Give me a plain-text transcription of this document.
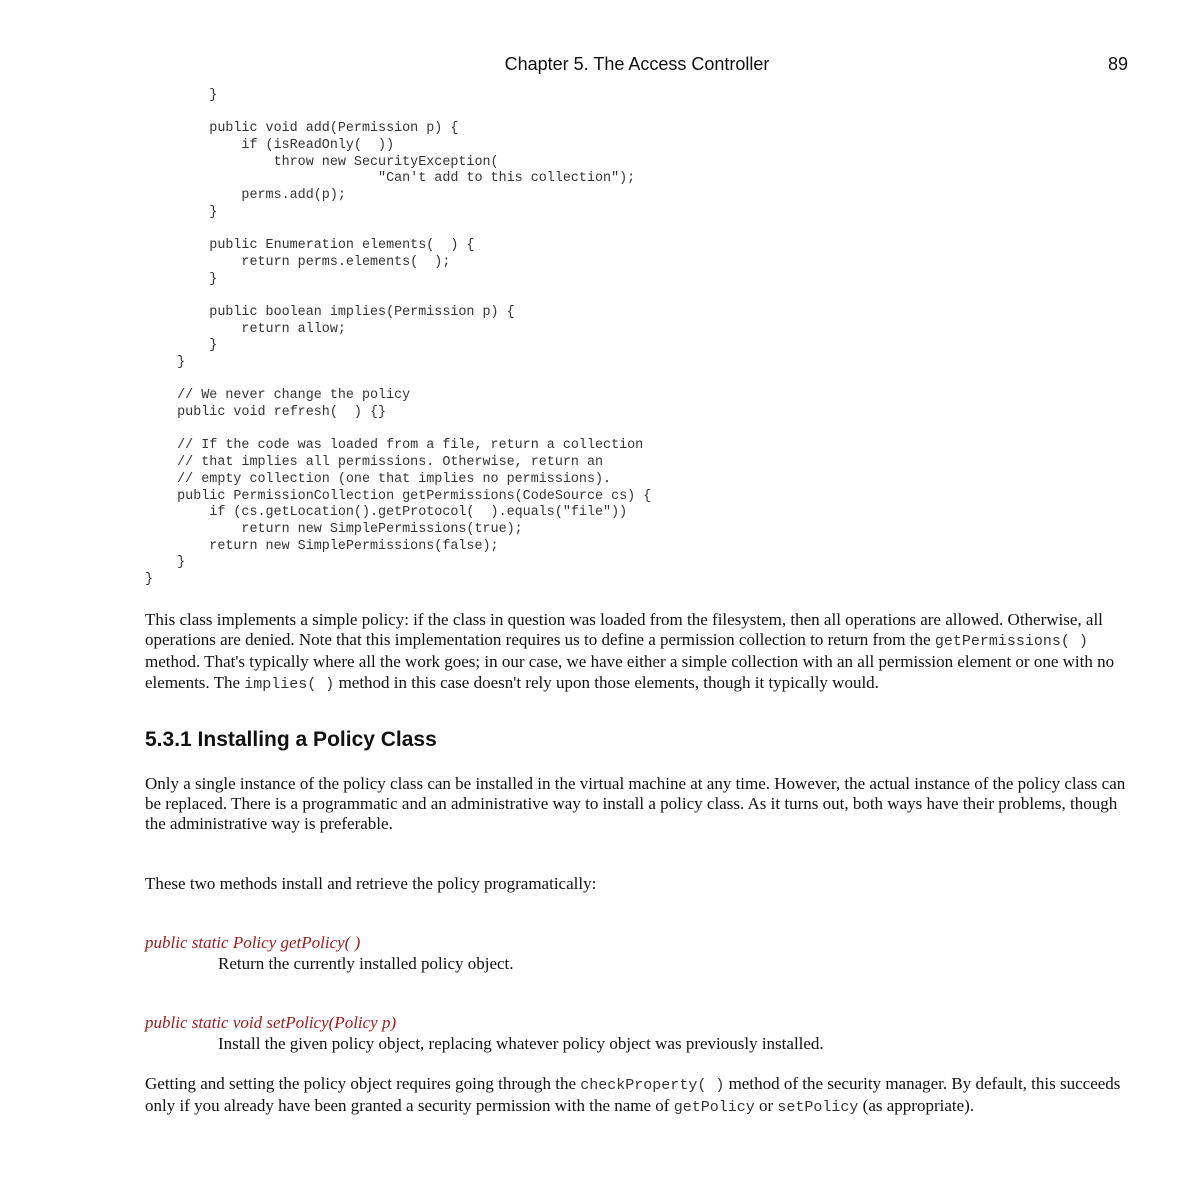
Chapter 5. The Access Controller	89
}
public void add(Permission p) {
if (isReadOnly(  ))
throw new SecurityException(
"Can't add to this collection");
perms.add(p);
}
public Enumeration elements(  ) {
return perms.elements(  );
}
public boolean implies(Permission p) {
return allow;
}
}
// We never change the policy
public void refresh(  ) {}
// If the code was loaded from a file, return a collection
// that implies all permissions. Otherwise, return an
// empty collection (one that implies no permissions).
public PermissionCollection getPermissions(CodeSource cs) {
if (cs.getLocation().getProtocol(  ).equals("file"))
return new SimplePermissions(true);
return new SimplePermissions(false);
}
}

This class implements a simple policy: if the class in question was loaded from the filesystem, then all operations are allowed. Otherwise, all operations are denied. Note that this implementation requires us to define a permission collection to return from the getPermissions( ) method. That's typically where all the work goes; in our case, we have either a simple collection with an all permission element or one with no elements. The implies( ) method in this case doesn't rely upon those elements, though it typically would.

5.3.1 Installing a Policy Class

Only a single instance of the policy class can be installed in the virtual machine at any time. However, the actual instance of the policy class can be replaced. There is a programmatic and an administrative way to install a policy class. As it turns out, both ways have their problems, though the administrative way is preferable.

These two methods install and retrieve the policy programatically:

public static Policy getPolicy( )

Return the currently installed policy object.

public static void setPolicy(Policy p)

Install the given policy object, replacing whatever policy object was previously installed.

Getting and setting the policy object requires going through the checkProperty( ) method of the security manager. By default, this succeeds only if you already have been granted a security permission with the name of getPolicy or setPolicy (as appropriate).
